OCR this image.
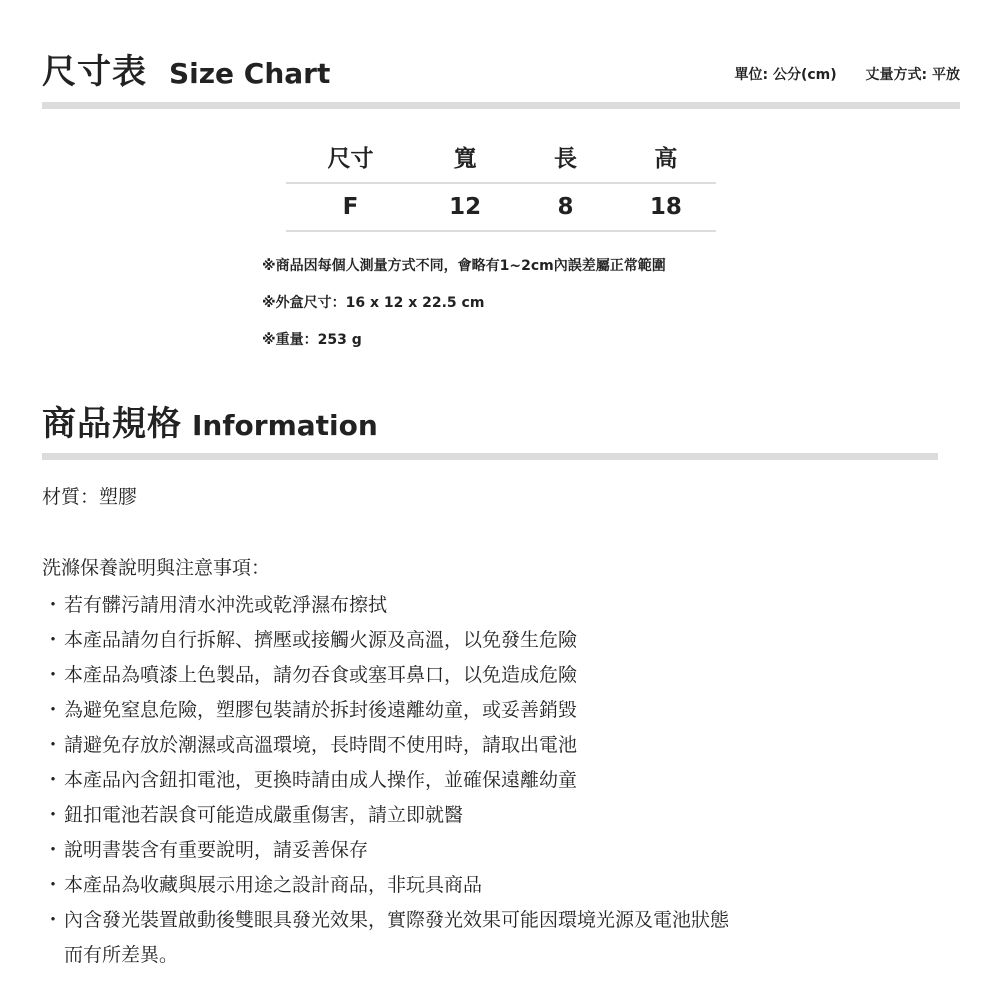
尺寸表 Size Chart	單位: 公分(cm) 丈量方式: 平放
尺寸	寬	長	高
F	12	8	18
※商品因每個人測量方式不同，會略有1~2cm內誤差屬正常範圍
※外盒尺寸：16 x 12 x 22.5 cm
※重量：253 g
商品規格 Information
材質：塑膠
洗滌保養說明與注意事項：
・ 若有髒污請用清水沖洗或乾淨濕布擦拭
・ 本產品請勿自行拆解、擠壓或接觸火源及高溫，以免發生危險
・ 本產品為噴漆上色製品，請勿吞食或塞耳鼻口，以免造成危險
・ 為避免窒息危險，塑膠包裝請於拆封後遠離幼童，或妥善銷毀
・ 請避免存放於潮濕或高溫環境，長時間不使用時，請取出電池
・ 本產品內含鈕扣電池，更換時請由成人操作，並確保遠離幼童
・ 鈕扣電池若誤食可能造成嚴重傷害，請立即就醫
・ 說明書裝含有重要說明，請妥善保存
・ 本產品為收藏與展示用途之設計商品，非玩具商品
・ 內含發光裝置啟動後雙眼具發光效果，實際發光效果可能因環境光源及電池狀態
而有所差異。
